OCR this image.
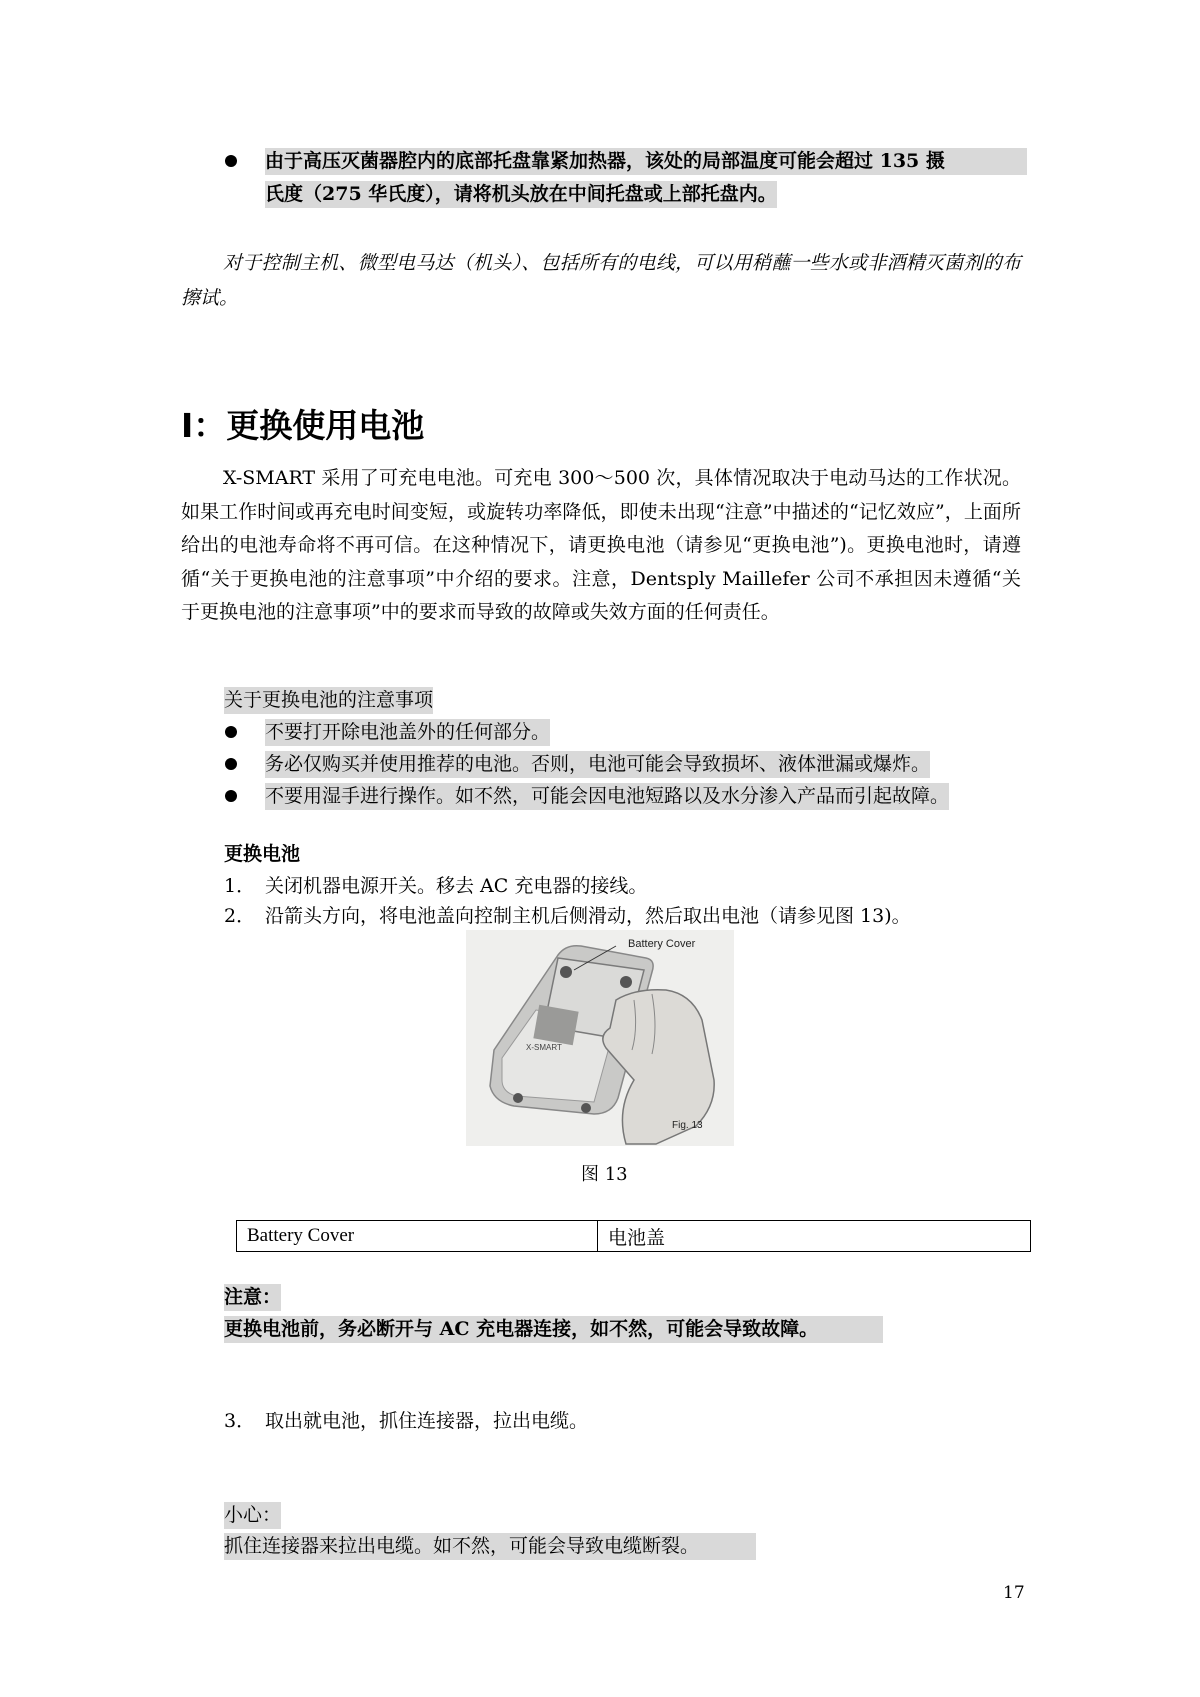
由于高压灭菌器腔内的底部托盘靠紧加热器，该处的局部温度可能会超过 135 摄
氏度（275 华氏度），请将机头放在中间托盘或上部托盘内。
对于控制主机、微型电马达（机头）、包括所有的电线，可以用稍蘸一些水或非酒精灭菌剂的布擦试。
I：更换使用电池
X-SMART 采用了可充电电池。可充电 300～500 次，具体情况取决于电动马达的工作状况。如果工作时间或再充电时间变短，或旋转功率降低，即使未出现“注意”中描述的“记忆效应”，上面所给出的电池寿命将不再可信。在这种情况下，请更换电池（请参见“更换电池”)。更换电池时，请遵循“关于更换电池的注意事项”中介绍的要求。注意，Dentsply Maillefer 公司不承担因未遵循“关于更换电池的注意事项”中的要求而导致的故障或失效方面的任何责任。
关于更换电池的注意事项
不要打开除电池盖外的任何部分。
务必仅购买并使用推荐的电池。否则，电池可能会导致损坏、液体泄漏或爆炸。
不要用湿手进行操作。如不然，可能会因电池短路以及水分渗入产品而引起故障。
更换电池
1． 关闭机器电源开关。移去 AC 充电器的接线。
2． 沿箭头方向，将电池盖向控制主机后侧滑动，然后取出电池（请参见图 13)。
X-SMART
Battery Cover
Fig. 13
图 13
Battery Cover	电池盖
注意：
更换电池前，务必断开与 AC 充电器连接，如不然，可能会导致故障。
3． 取出就电池，抓住连接器，拉出电缆。
小心：
抓住连接器来拉出电缆。如不然，可能会导致电缆断裂。
17
